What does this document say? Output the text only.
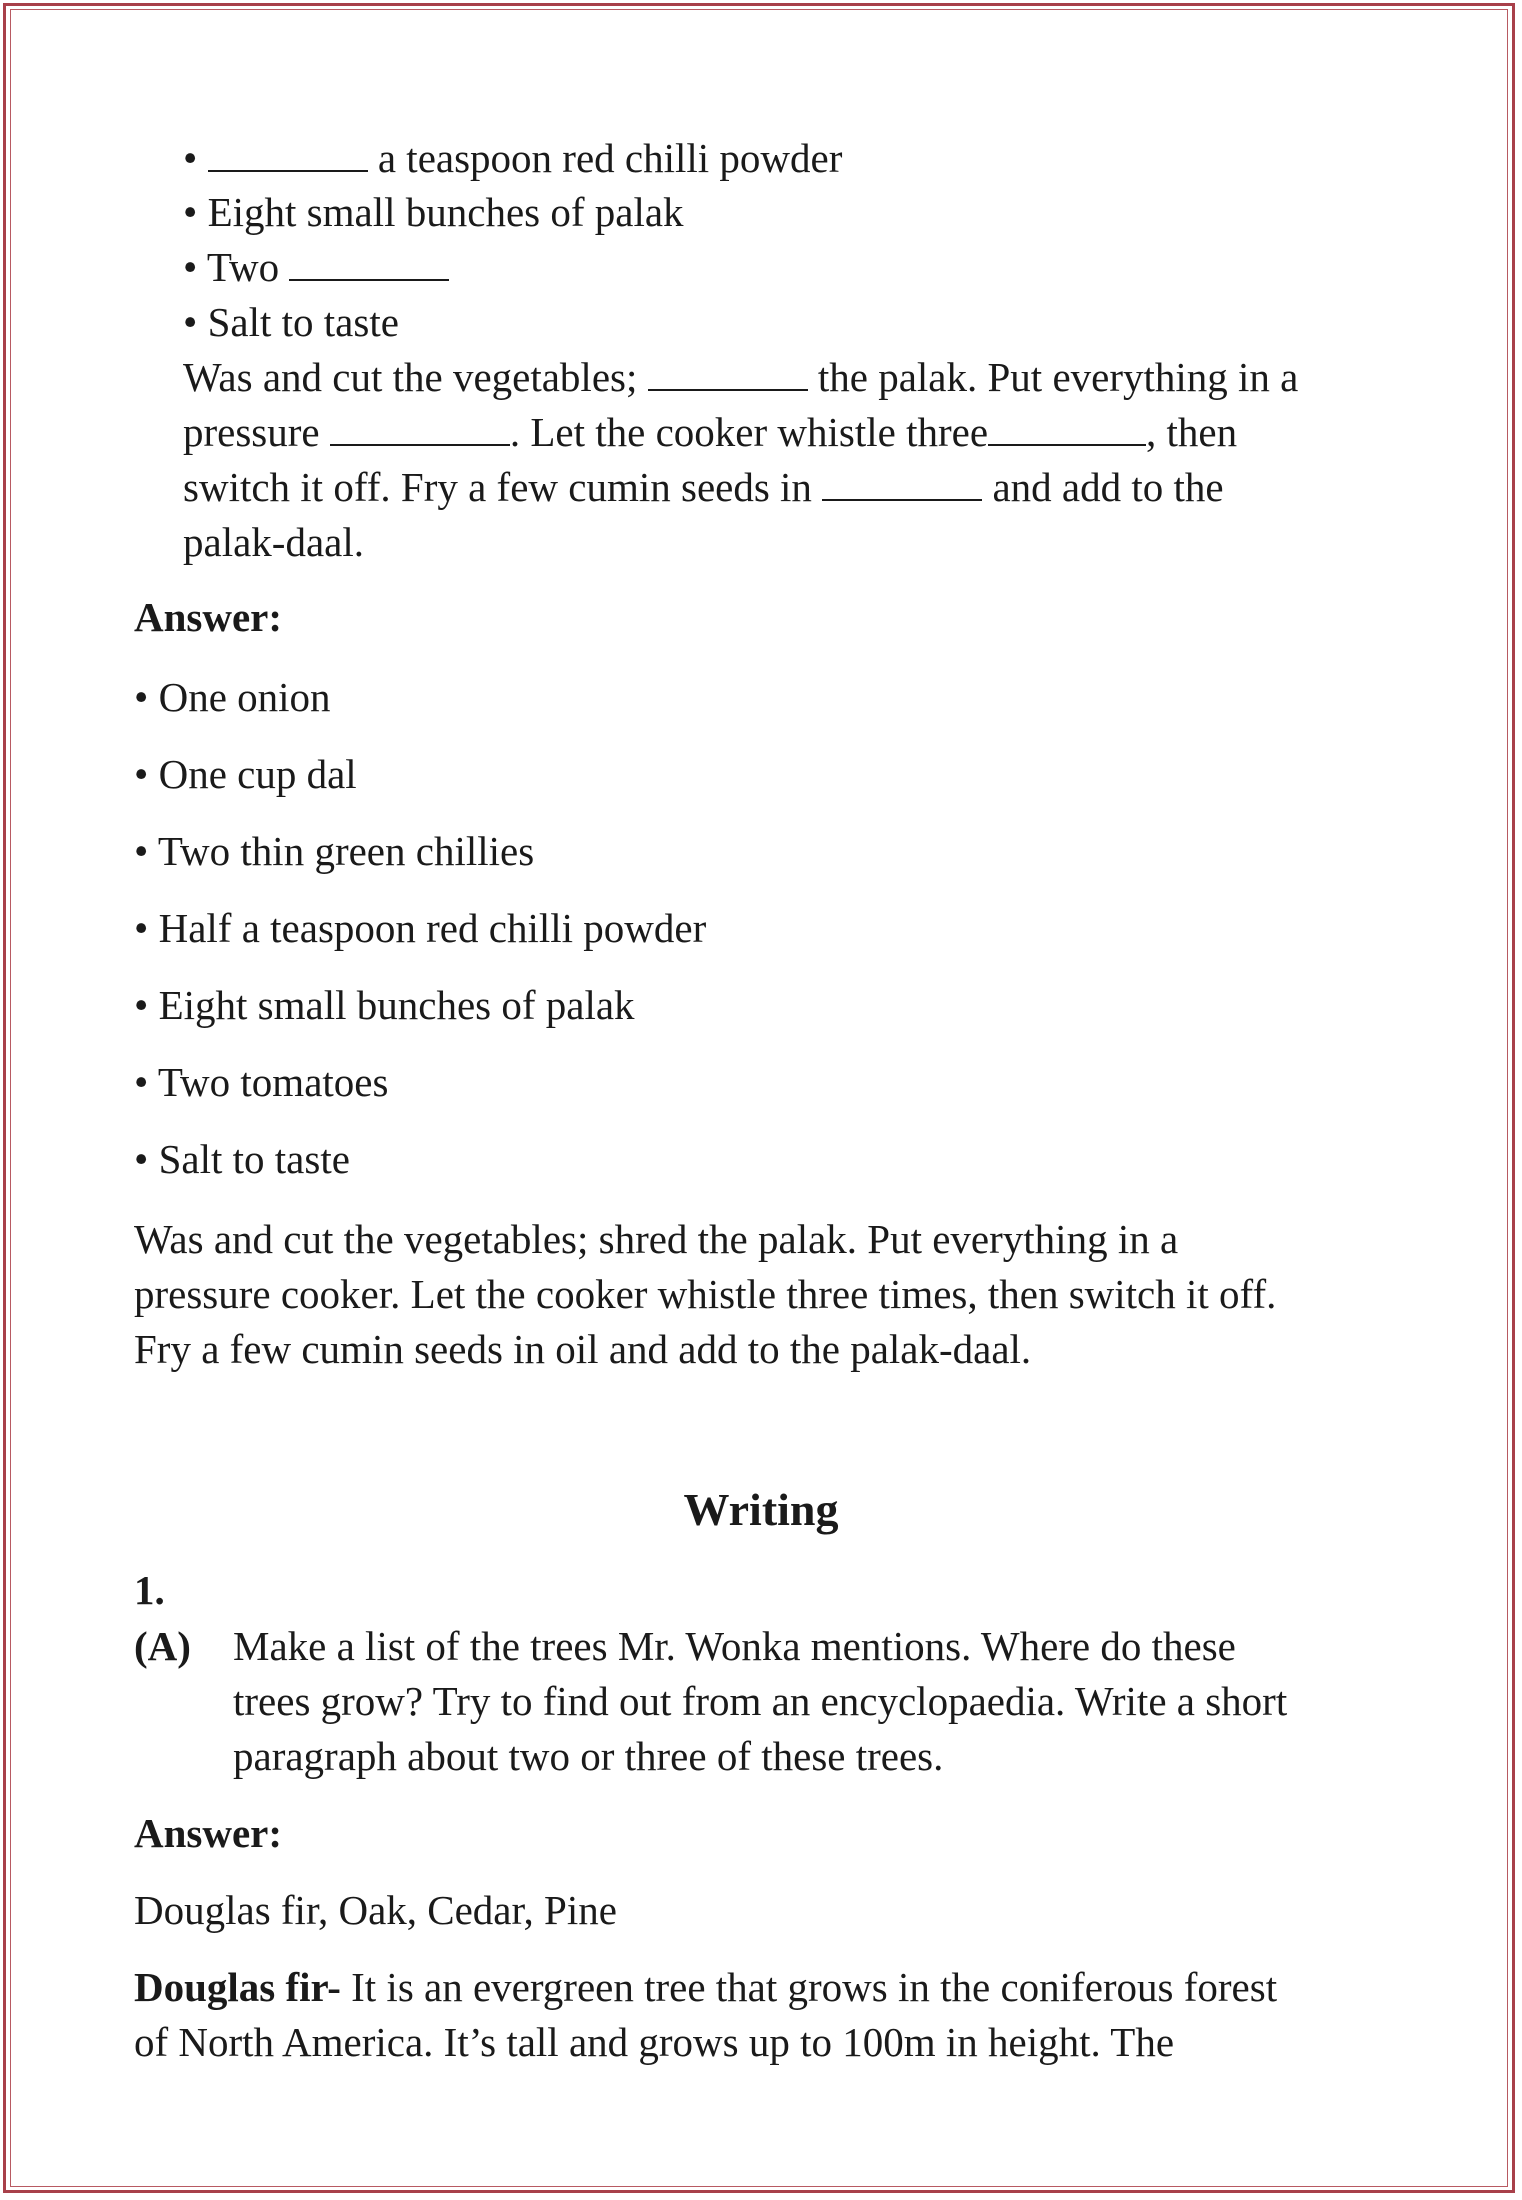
•	a teaspoon red chilli powder
• Eight small bunches of palak
• Two
• Salt to taste
Was and cut the vegetables;	the palak. Put everything in a
pressure	. Let the cooker whistle three	, then
switch it off. Fry a few cumin seeds in	and add to the
palak-daal.
Answer:
• One onion
• One cup dal
• Two thin green chillies
• Half a teaspoon red chilli powder
• Eight small bunches of palak
• Two tomatoes
• Salt to taste
Was and cut the vegetables; shred the palak. Put everything in a
pressure cooker. Let the cooker whistle three times, then switch it off.
Fry a few cumin seeds in oil and add to the palak-daal.
Writing
1.
(A) Make a list of the trees Mr. Wonka mentions. Where do these
trees grow? Try to find out from an encyclopaedia. Write a short
paragraph about two or three of these trees.
Answer:
Douglas fir, Oak, Cedar, Pine
Douglas fir- It is an evergreen tree that grows in the coniferous forest
of North America. It’s tall and grows up to 100m in height. The
